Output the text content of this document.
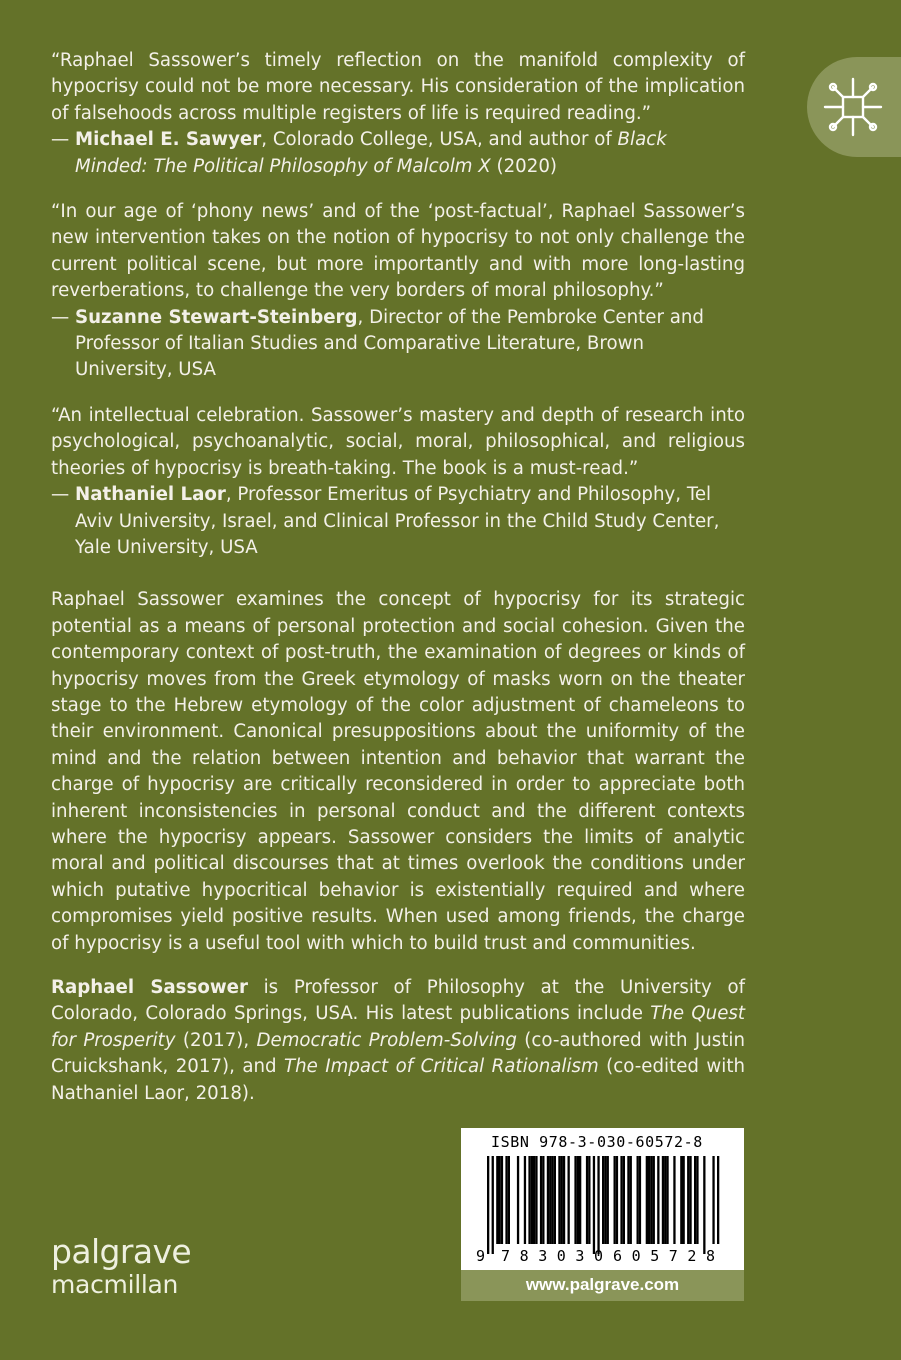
“Raphael Sassower’s timely reflection on the manifold complexity of hypocrisy could not be more necessary. His consideration of the implication of falsehoods across multiple registers of life is required reading.”

— Michael E. Sawyer, Colorado College, USA, and author of Black Minded: The Political Philosophy of Malcolm X (2020)

“In our age of ‘phony news’ and of the ‘post-factual’, Raphael Sassower’s new intervention takes on the notion of hypocrisy to not only challenge the current political scene, but more importantly and with more long-lasting reverberations, to challenge the very borders of moral philosophy.”

— Suzanne Stewart-Steinberg, Director of the Pembroke Center and Professor of Italian Studies and Comparative Literature, Brown University, USA

“An intellectual celebration. Sassower’s mastery and depth of research into psychological, psychoanalytic, social, moral, philosophical, and religious theories of hypocrisy is breath-taking. The book is a must-read.”

— Nathaniel Laor, Professor Emeritus of Psychiatry and Philosophy, Tel Aviv University, Israel, and Clinical Professor in the Child Study Center, Yale University, USA

Raphael Sassower examines the concept of hypocrisy for its strategic potential as a means of personal protection and social cohesion. Given the contemporary context of post-truth, the examination of degrees or kinds of hypocrisy moves from the Greek etymology of masks worn on the theater stage to the Hebrew etymology of the color adjustment of chameleons to their environment. Canonical presuppositions about the uniformity of the mind and the relation between intention and behavior that warrant the charge of hypocrisy are critically reconsidered in order to appreciate both inherent inconsistencies in personal conduct and the different contexts where the hypocrisy appears. Sassower considers the limits of analytic moral and political discourses that at times overlook the conditions under which putative hypocritical behavior is existentially required and where compromises yield positive results. When used among friends, the charge of hypocrisy is a useful tool with which to build trust and communities.

Raphael Sassower is Professor of Philosophy at the University of Colorado, Colorado Springs, USA. His latest publications include The Quest for Prosperity (2017), Democratic Problem-Solving (co-authored with Justin Cruickshank, 2017), and The Impact of Critical Rationalism (co-edited with Nathaniel Laor, 2018).

palgrave
macmillan
ISBN 978-3-030-60572-8
9 783030 605728
www.palgrave.com
